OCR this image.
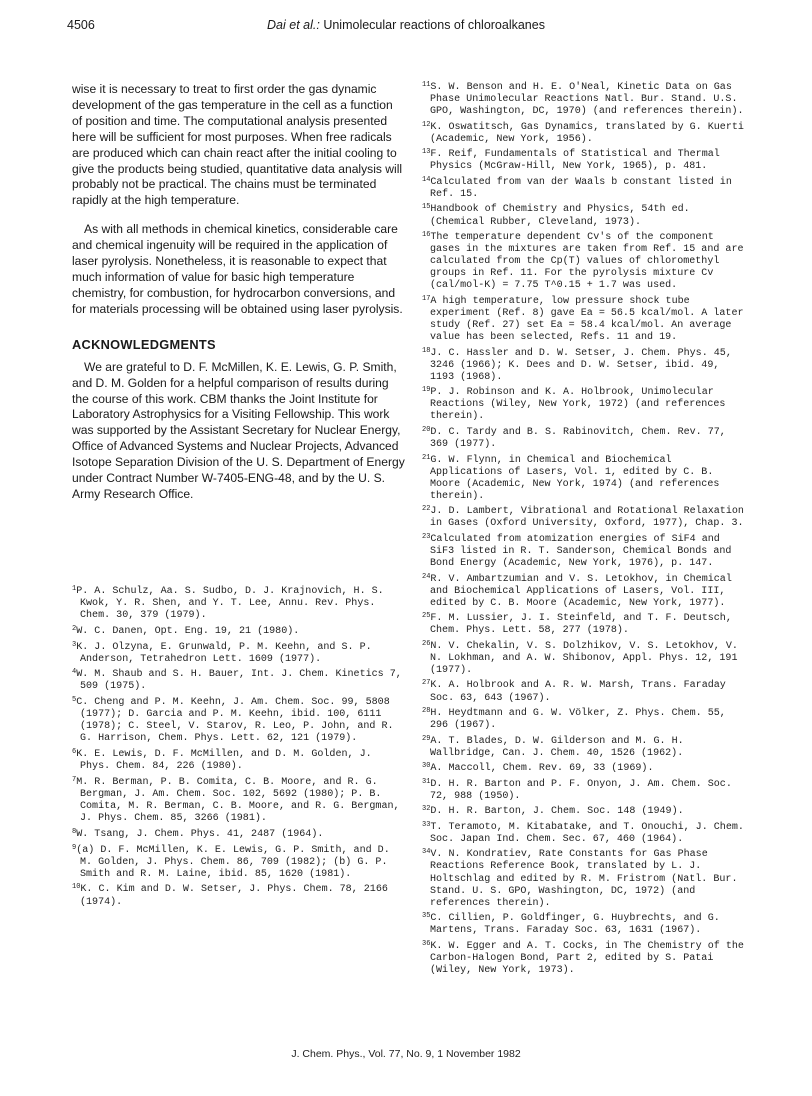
4506	Dai et al.: Unimolecular reactions of chloroalkanes

wise it is necessary to treat to first order the gas dynamic development of the gas temperature in the cell as a function of position and time. The computational analysis presented here will be sufficient for most purposes. When free radicals are produced which can chain react after the initial cooling to give the products being studied, quantitative data analysis will probably not be practical. The chains must be terminated rapidly at the high temperature.

As with all methods in chemical kinetics, considerable care and chemical ingenuity will be required in the application of laser pyrolysis. Nonetheless, it is reasonable to expect that much information of value for basic high temperature chemistry, for combustion, for hydrocarbon conversions, and for materials processing will be obtained using laser pyrolysis.

ACKNOWLEDGMENTS

We are grateful to D. F. McMillen, K. E. Lewis, G. P. Smith, and D. M. Golden for a helpful comparison of results during the course of this work. CBM thanks the Joint Institute for Laboratory Astrophysics for a Visiting Fellowship. This work was supported by the Assistant Secretary for Nuclear Energy, Office of Advanced Systems and Nuclear Projects, Advanced Isotope Separation Division of the U. S. Department of Energy under Contract Number W-7405-ENG-48, and by the U. S. Army Research Office.

$^1$P. A. Schulz, Aa. S. Sudbo, D. J. Krajnovich, H. S. Kwok, Y. R. Shen, and Y. T. Lee, Annu. Rev. Phys. Chem. 30, 379 (1979).
$^2$W. C. Danen, Opt. Eng. 19, 21 (1980).
$^3$K. J. Olzyna, E. Grunwald, P. M. Keehn, and S. P. Anderson, Tetrahedron Lett. 1609 (1977).
$^4$W. M. Shaub and S. H. Bauer, Int. J. Chem. Kinetics 7, 509 (1975).
$^5$C. Cheng and P. M. Keehn, J. Am. Chem. Soc. 99, 5808 (1977); D. Garcia and P. M. Keehn, ibid. 100, 6111 (1978); C. Steel, V. Starov, R. Leo, P. John, and R. G. Harrison, Chem. Phys. Lett. 62, 121 (1979).
$^6$K. E. Lewis, D. F. McMillen, and D. M. Golden, J. Phys. Chem. 84, 226 (1980).
$^7$M. R. Berman, P. B. Comita, C. B. Moore, and R. G. Bergman, J. Am. Chem. Soc. 102, 5692 (1980); P. B. Comita, M. R. Berman, C. B. Moore, and R. G. Bergman, J. Phys. Chem. 85, 3266 (1981).
$^8$W. Tsang, J. Chem. Phys. 41, 2487 (1964).
$^9$(a) D. F. McMillen, K. E. Lewis, G. P. Smith, and D. M. Golden, J. Phys. Chem. 86, 709 (1982); (b) G. P. Smith and R. M. Laine, ibid. 85, 1620 (1981).
$^{10}$K. C. Kim and D. W. Setser, J. Phys. Chem. 78, 2166 (1974).
$^{11}$S. W. Benson and H. E. O'Neal, Kinetic Data on Gas Phase Unimolecular Reactions Natl. Bur. Stand. U.S. GPO, Washington, DC, 1970) (and references therein).
$^{12}$K. Oswatitsch, Gas Dynamics, translated by G. Kuerti (Academic, New York, 1956).
$^{13}$F. Reif, Fundamentals of Statistical and Thermal Physics (McGraw-Hill, New York, 1965), p. 481.
$^{14}$Calculated from van der Waals b constant listed in Ref. 15.
$^{15}$Handbook of Chemistry and Physics, 54th ed. (Chemical Rubber, Cleveland, 1973).
$^{16}$The temperature dependent Cv's of the component gases in the mixtures are taken from Ref. 15 and are calculated from the Cp(T) values of chloromethyl groups in Ref. 11. For the pyrolysis mixture Cv (cal/mol-K) = 7.75 T^0.15 + 1.7 was used.
$^{17}$A high temperature, low pressure shock tube experiment (Ref. 8) gave Ea = 56.5 kcal/mol. A later study (Ref. 27) set Ea = 58.4 kcal/mol. An average value has been selected, Refs. 11 and 19.
$^{18}$J. C. Hassler and D. W. Setser, J. Chem. Phys. 45, 3246 (1966); K. Dees and D. W. Setser, ibid. 49, 1193 (1968).
$^{19}$P. J. Robinson and K. A. Holbrook, Unimolecular Reactions (Wiley, New York, 1972) (and references therein).
$^{20}$D. C. Tardy and B. S. Rabinovitch, Chem. Rev. 77, 369 (1977).
$^{21}$G. W. Flynn, in Chemical and Biochemical Applications of Lasers, Vol. 1, edited by C. B. Moore (Academic, New York, 1974) (and references therein).
$^{22}$J. D. Lambert, Vibrational and Rotational Relaxation in Gases (Oxford University, Oxford, 1977), Chap. 3.
$^{23}$Calculated from atomization energies of SiF4 and SiF3 listed in R. T. Sanderson, Chemical Bonds and Bond Energy (Academic, New York, 1976), p. 147.
$^{24}$R. V. Ambartzumian and V. S. Letokhov, in Chemical and Biochemical Applications of Lasers, Vol. III, edited by C. B. Moore (Academic, New York, 1977).
$^{25}$F. M. Lussier, J. I. Steinfeld, and T. F. Deutsch, Chem. Phys. Lett. 58, 277 (1978).
$^{26}$N. V. Chekalin, V. S. Dolzhikov, V. S. Letokhov, V. N. Lokhman, and A. W. Shibonov, Appl. Phys. 12, 191 (1977).
$^{27}$K. A. Holbrook and A. R. W. Marsh, Trans. Faraday Soc. 63, 643 (1967).
$^{28}$H. Heydtmann and G. W. Völker, Z. Phys. Chem. 55, 296 (1967).
$^{29}$A. T. Blades, D. W. Gilderson and M. G. H. Wallbridge, Can. J. Chem. 40, 1526 (1962).
$^{30}$A. Maccoll, Chem. Rev. 69, 33 (1969).
$^{31}$D. H. R. Barton and P. F. Onyon, J. Am. Chem. Soc. 72, 988 (1950).
$^{32}$D. H. R. Barton, J. Chem. Soc. 148 (1949).
$^{33}$T. Teramoto, M. Kitabatake, and T. Onouchi, J. Chem. Soc. Japan Ind. Chem. Sec. 67, 460 (1964).
$^{34}$V. N. Kondratiev, Rate Constants for Gas Phase Reactions Reference Book, translated by L. J. Holtschlag and edited by R. M. Fristrom (Natl. Bur. Stand. U. S. GPO, Washington, DC, 1972) (and references therein).
$^{35}$C. Cillien, P. Goldfinger, G. Huybrechts, and G. Martens, Trans. Faraday Soc. 63, 1631 (1967).
$^{36}$K. W. Egger and A. T. Cocks, in The Chemistry of the Carbon-Halogen Bond, Part 2, edited by S. Patai (Wiley, New York, 1973).
J. Chem. Phys., Vol. 77, No. 9, 1 November 1982
